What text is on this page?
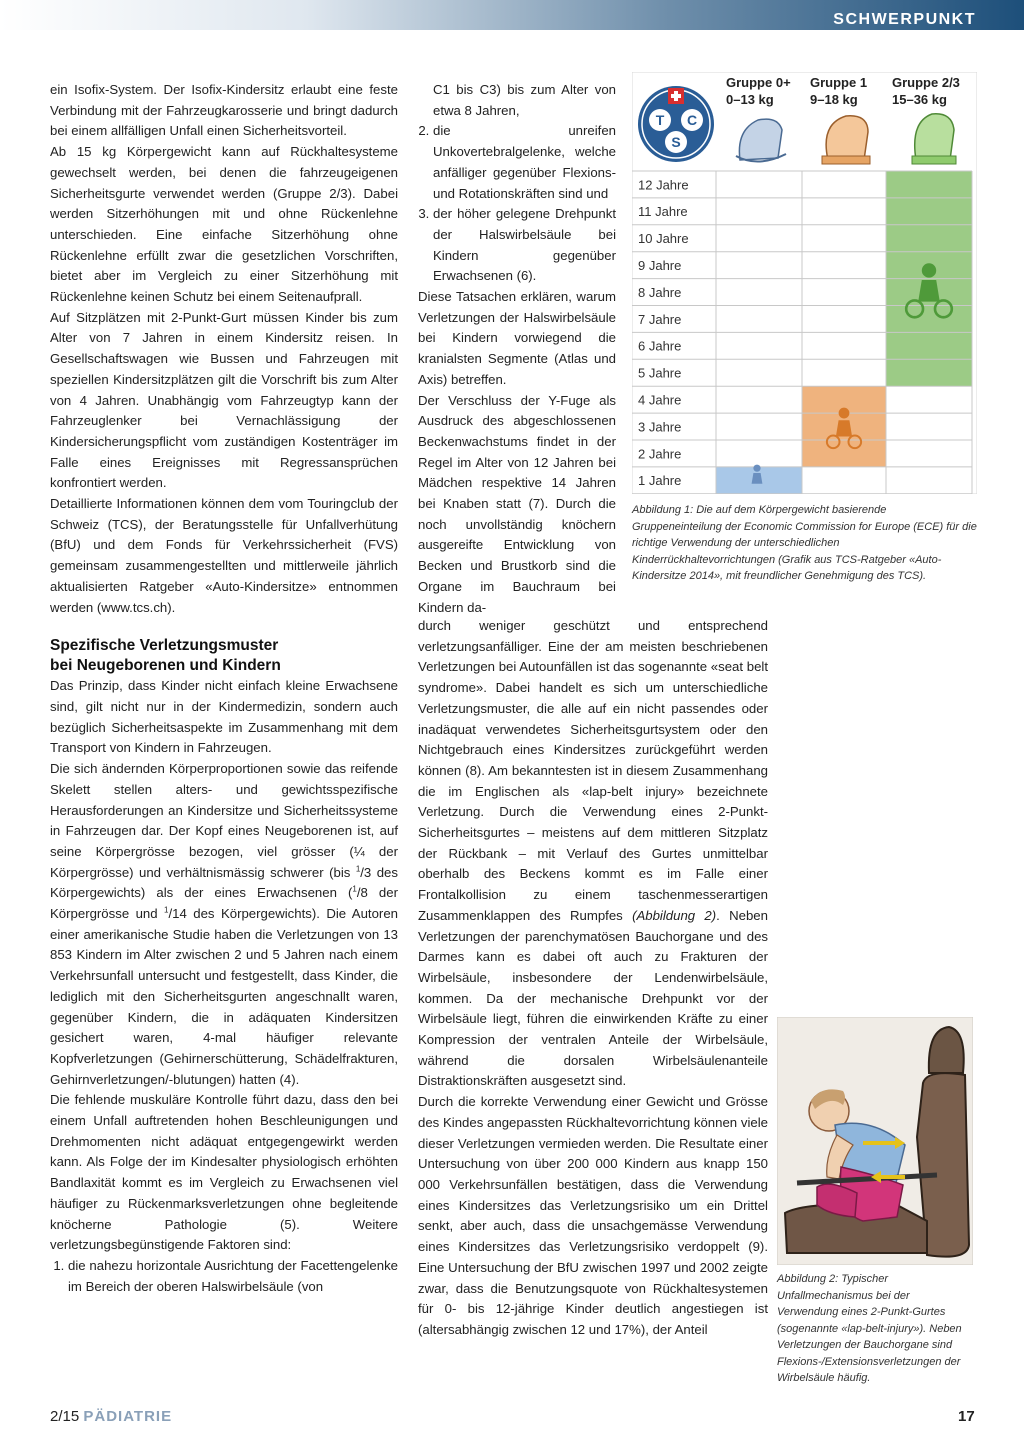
SCHWERPUNKT

ein Isofix-System. Der Isofix-Kindersitz erlaubt eine feste Verbindung mit der Fahrzeugkarosserie und bringt dadurch bei einem allfälligen Unfall einen Sicherheitsvorteil.

Ab 15 kg Körpergewicht kann auf Rückhaltesysteme gewechselt werden, bei denen die fahrzeugeigenen Sicherheitsgurte verwendet werden (Gruppe 2/3). Dabei werden Sitzerhöhungen mit und ohne Rückenlehne unterschieden. Eine einfache Sitzerhöhung ohne Rückenlehne erfüllt zwar die gesetzlichen Vorschriften, bietet aber im Vergleich zu einer Sitzerhöhung mit Rückenlehne keinen Schutz bei einem Seitenaufprall.

Auf Sitzplätzen mit 2-Punkt-Gurt müssen Kinder bis zum Alter von 7 Jahren in einem Kindersitz reisen. In Gesellschaftswagen wie Bussen und Fahrzeugen mit speziellen Kindersitzplätzen gilt die Vorschrift bis zum Alter von 4 Jahren. Unabhängig vom Fahrzeugtyp kann der Fahrzeuglenker bei Vernachlässigung der Kindersicherungspflicht vom zuständigen Kostenträger im Falle eines Ereignisses mit Regressansprüchen konfrontiert werden.

Detaillierte Informationen können dem vom Touringclub der Schweiz (TCS), der Beratungsstelle für Unfallverhütung (BfU) und dem Fonds für Verkehrssicherheit (FVS) gemeinsam zusammengestellten und mittlerweile jährlich aktualisierten Ratgeber «Auto-Kindersitze» entnommen werden (www.tcs.ch).

Spezifische Verletzungsmuster
bei Neugeborenen und Kindern

Das Prinzip, dass Kinder nicht einfach kleine Erwachsene sind, gilt nicht nur in der Kindermedizin, sondern auch bezüglich Sicherheitsaspekte im Zusammenhang mit dem Transport von Kindern in Fahrzeugen.

Die sich ändernden Körperproportionen sowie das reifende Skelett stellen alters- und gewichtsspezifische Herausforderungen an Kindersitze und Sicherheitssysteme in Fahrzeugen dar. Der Kopf eines Neugeborenen ist, auf seine Körpergrösse bezogen, viel grösser (¼ der Körpergrösse) und verhältnismässig schwerer (bis $^1$/3 des Körpergewichts) als der eines Erwachsenen ($^1$/8 der Körpergrösse und $^1$/14 des Körpergewichts). Die Autoren einer amerikanische Studie haben die Verletzungen von 13 853 Kindern im Alter zwischen 2 und 5 Jahren nach einem Verkehrsunfall untersucht und festgestellt, dass Kinder, die lediglich mit den Sicherheitsgurten angeschnallt waren, gegenüber Kindern, die in adäquaten Kindersitzen gesichert waren, 4-mal häufiger relevante Kopfverletzungen (Gehirnerschütterung, Schädelfrakturen, Gehirnverletzungen/-blutungen) hatten (4).

Die fehlende muskuläre Kontrolle führt dazu, dass den bei einem Unfall auftretenden hohen Beschleunigungen und Drehmomenten nicht adäquat entgegengewirkt werden kann. Als Folge der im Kindesalter physiologisch erhöhten Bandlaxität kommt es im Vergleich zu Erwachsenen viel häufiger zu Rückenmarksverletzungen ohne begleitende knöcherne Pathologie (5). Weitere verletzungsbegünstigende Faktoren sind:

1. die nahezu horizontale Ausrichtung der Facettengelenke im Bereich der oberen Halswirbelsäule (von
C1 bis C3) bis zum Alter von etwa 8 Jahren,
2. die unreifen Unkovertebralgelenke, welche anfälliger gegenüber Flexions- und Rotationskräften sind und
3. der höher gelegene Drehpunkt der Halswirbelsäule bei Kindern gegenüber Erwachsenen (6).

Diese Tatsachen erklären, warum Verletzungen der Halswirbelsäule bei Kindern vorwiegend die kranialsten Segmente (Atlas und Axis) betreffen.

Der Verschluss der Y-Fuge als Ausdruck des abgeschlossenen Beckenwachstums findet in der Regel im Alter von 12 Jahren bei Mädchen respektive 14 Jahren bei Knaben statt (7). Durch die noch unvollständig knöchern ausgereifte Entwicklung von Becken und Brustkorb sind die Organe im Bauchraum bei Kindern da-

durch weniger geschützt und entsprechend verletzungsanfälliger. Eine der am meisten beschriebenen Verletzungen bei Autounfällen ist das sogenannte «seat belt syndrome». Dabei handelt es sich um unterschiedliche Verletzungsmuster, die alle auf ein nicht passendes oder inadäquat verwendetes Sicherheitsgurtsystem oder den Nichtgebrauch eines Kindersitzes zurückgeführt werden können (8). Am bekanntesten ist in diesem Zusammenhang die im Englischen als «lap-belt injury» bezeichnete Verletzung. Durch die Verwendung eines 2-Punkt-Sicherheitsgurtes – meistens auf dem mittleren Sitzplatz der Rückbank – mit Verlauf des Gurtes unmittelbar oberhalb des Beckens kommt es im Falle einer Frontalkollision zu einem taschenmesserartigen Zusammenklappen des Rumpfes (Abbildung 2). Neben Verletzungen der parenchymatösen Bauchorgane und des Darmes kann es dabei oft auch zu Frakturen der Wirbelsäule, insbesondere der Lendenwirbelsäule, kommen. Da der mechanische Drehpunkt vor der Wirbelsäule liegt, führen die einwirkenden Kräfte zu einer Kompression der ventralen Anteile der Wirbelsäule, während die dorsalen Wirbelsäulenanteile Distraktionskräften ausgesetzt sind.

Durch die korrekte Verwendung einer Gewicht und Grösse des Kindes angepassten Rückhaltevorrichtung können viele dieser Verletzungen vermieden werden. Die Resultate einer Untersuchung von über 200 000 Kindern aus knapp 150 000 Verkehrsunfällen bestätigen, dass die Verwendung eines Kindersitzes das Verletzungsrisiko um ein Drittel senkt, aber auch, dass die unsachgemässe Verwendung eines Kindersitzes das Verletzungsrisiko verdoppelt (9). Eine Untersuchung der BfU zwischen 1997 und 2002 zeigte zwar, dass die Benutzungsquote von Rückhaltesystemen für 0- bis 12-jährige Kinder deutlich angestiegen ist (altersabhängig zwischen 12 und 17%), der Anteil

T C
S
Gruppe 0+
0–13 kg
Gruppe 1
9–18 kg
Gruppe 2/3
15–36 kg
12 Jahre
11 Jahre
10 Jahre
9 Jahre
8 Jahre
7 Jahre
6 Jahre
5 Jahre
4 Jahre
3 Jahre
2 Jahre
1 Jahre
Abbildung 1: Die auf dem Körpergewicht basierende Gruppeneinteilung der Economic Commission for Europe (ECE) für die richtige Verwendung der unterschiedlichen Kinderrückhaltevorrichtungen (Grafik aus TCS-Ratgeber «Auto-Kindersitze 2014», mit freundlicher Genehmigung des TCS).
Abbildung 2: Typischer Unfallmechanismus bei der Verwendung eines 2-Punkt-Gurtes (sogenannte «lap-belt-injury»). Neben Verletzungen der Bauchorgane sind Flexions-/Extensionsverletzungen der Wirbelsäule häufig.
2/15 PÄDIATRIE	17
